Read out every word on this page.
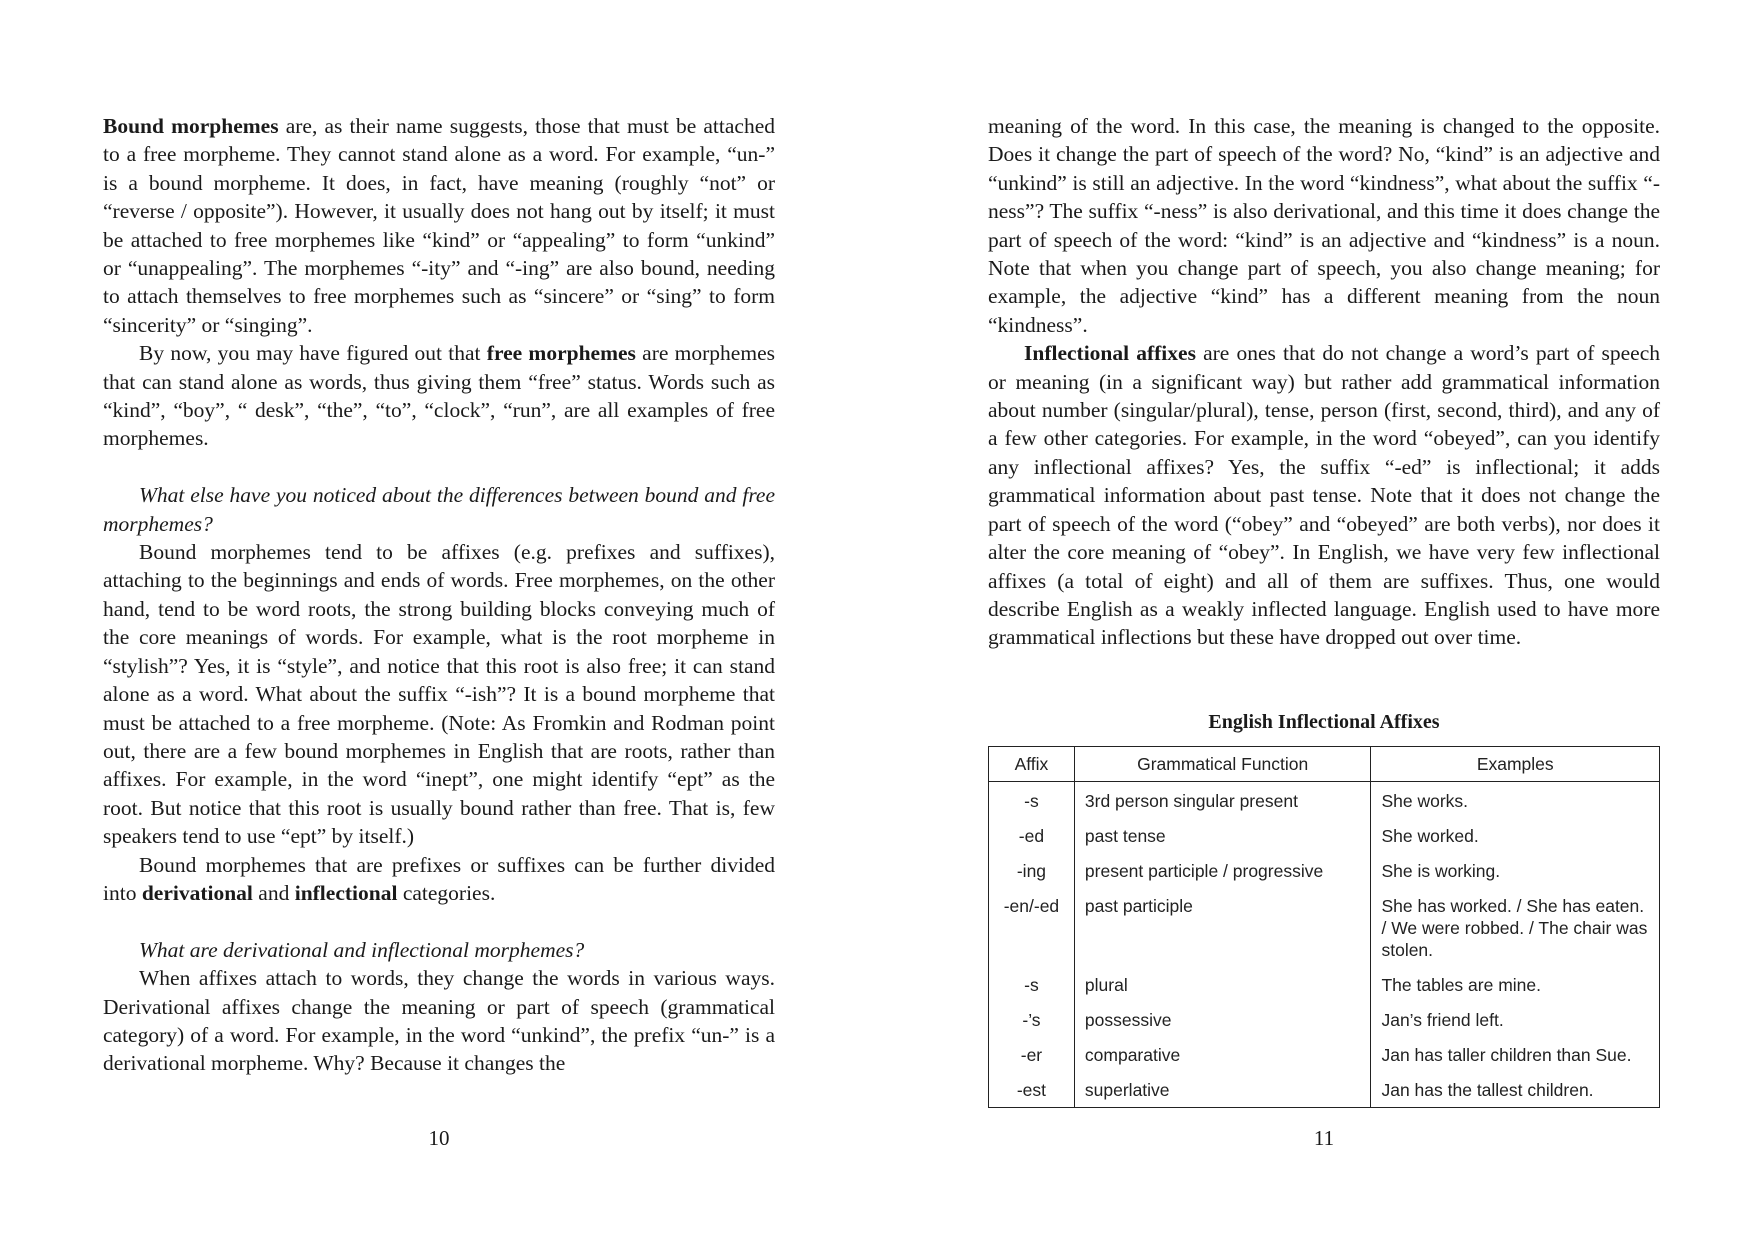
Bound morphemes are, as their name suggests, those that must be attached to a free morpheme. They cannot stand alone as a word. For example, “un-” is a bound morpheme. It does, in fact, have meaning (roughly “not” or “reverse / opposite”). However, it usually does not hang out by itself; it must be attached to free morphemes like “kind” or “appealing” to form “unkind” or “unappealing”. The morphemes “-ity” and “-ing” are also bound, needing to attach themselves to free morphemes such as “sincere” or “sing” to form “sincerity” or “singing”.

By now, you may have figured out that free morphemes are morphemes that can stand alone as words, thus giving them “free” status. Words such as “kind”, “boy”, “ desk”, “the”, “to”, “clock”, “run”, are all examples of free morphemes.

What else have you noticed about the differences between bound and free morphemes?

Bound morphemes tend to be affixes (e.g. prefixes and suffixes), attaching to the beginnings and ends of words. Free morphemes, on the other hand, tend to be word roots, the strong building blocks conveying much of the core meanings of words. For example, what is the root morpheme in “stylish”? Yes, it is “style”, and notice that this root is also free; it can stand alone as a word. What about the suffix “-ish”? It is a bound morpheme that must be attached to a free morpheme. (Note: As Fromkin and Rodman point out, there are a few bound morphemes in English that are roots, rather than affixes. For example, in the word “inept”, one might identify “ept” as the root. But notice that this root is usually bound rather than free. That is, few speakers tend to use “ept” by itself.)

Bound morphemes that are prefixes or suffixes can be further divided into derivational and inflectional categories.

What are derivational and inflectional morphemes?

When affixes attach to words, they change the words in various ways. Derivational affixes change the meaning or part of speech (grammatical category) of a word. For example, in the word “unkind”, the prefix “un-” is a derivational morpheme. Why? Because it changes the

10

meaning of the word. In this case, the meaning is changed to the opposite. Does it change the part of speech of the word? No, “kind” is an adjective and “unkind” is still an adjective. In the word “kindness”, what about the suffix “-ness”? The suffix “-ness” is also derivational, and this time it does change the part of speech of the word: “kind” is an adjective and “kindness” is a noun. Note that when you change part of speech, you also change meaning; for example, the adjective “kind” has a different meaning from the noun “kindness”.

Inflectional affixes are ones that do not change a word’s part of speech or meaning (in a significant way) but rather add grammatical information about number (singular/plural), tense, person (first, second, third), and any of a few other categories. For example, in the word “obeyed”, can you identify any inflectional affixes? Yes, the suffix “-ed” is inflectional; it adds grammatical information about past tense. Note that it does not change the part of speech of the word (“obey” and “obeyed” are both verbs), nor does it alter the core meaning of “obey”. In English, we have very few inflectional affixes (a total of eight) and all of them are suffixes. Thus, one would describe English as a weakly inflected language. English used to have more grammatical inflections but these have dropped out over time.

English Inflectional Affixes
Affix	Grammatical Function	Examples
-s	3rd person singular present	She works.
-ed	past tense	She worked.
-ing	present participle / progressive	She is working.
-en/-ed	past participle	She has worked. / She has eaten. / We were robbed. / The chair was stolen.
-s	plural	The tables are mine.
-’s	possessive	Jan’s friend left.
-er	comparative	Jan has taller children than Sue.
-est	superlative	Jan has the tallest children.
11
